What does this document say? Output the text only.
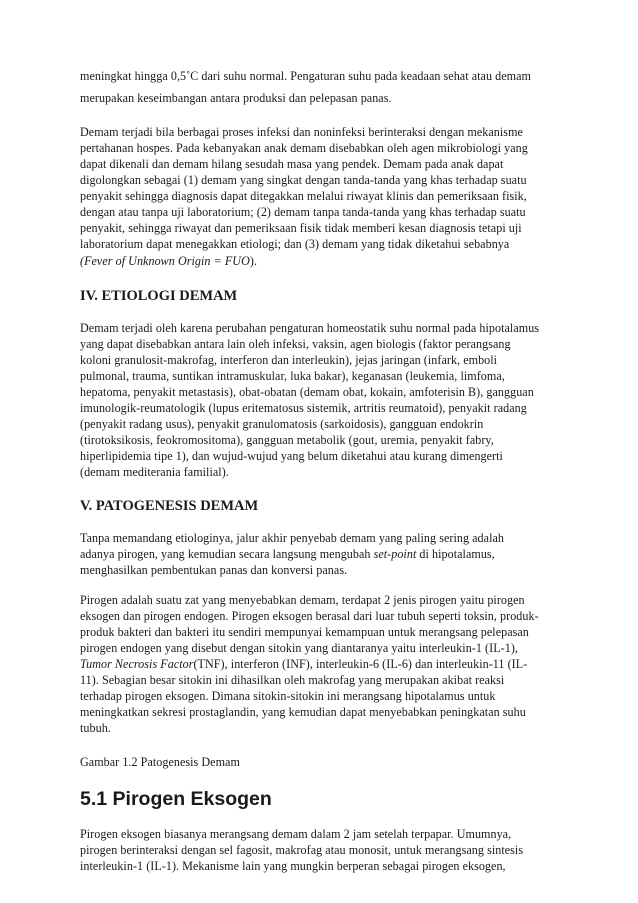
meningkat hingga 0,5˚C dari suhu normal. Pengaturan suhu pada keadaan sehat atau demam

merupakan keseimbangan antara produksi dan pelepasan panas.

Demam terjadi bila berbagai proses infeksi dan noninfeksi berinteraksi dengan mekanisme

pertahanan hospes. Pada kebanyakan anak demam disebabkan oleh agen mikrobiologi yang

dapat dikenali dan demam hilang sesudah masa yang pendek. Demam pada anak dapat

digolongkan sebagai (1) demam yang singkat dengan tanda-tanda yang khas terhadap suatu

penyakit sehingga diagnosis dapat ditegakkan melalui riwayat klinis dan pemeriksaan fisik,

dengan atau tanpa uji laboratorium; (2) demam tanpa tanda-tanda yang khas terhadap suatu

penyakit, sehingga riwayat dan pemeriksaan fisik tidak memberi kesan diagnosis tetapi uji

laboratorium dapat menegakkan etiologi; dan (3) demam yang tidak diketahui sebabnya

(Fever of Unknown Origin = FUO).

IV. ETIOLOGI DEMAM

Demam terjadi oleh karena perubahan pengaturan homeostatik suhu normal pada hipotalamus

yang dapat disebabkan antara lain oleh infeksi, vaksin, agen biologis (faktor perangsang

koloni granulosit-makrofag, interferon dan interleukin), jejas jaringan (infark, emboli

pulmonal, trauma, suntikan intramuskular, luka bakar), keganasan (leukemia, limfoma,

hepatoma, penyakit metastasis), obat-obatan (demam obat, kokain, amfoterisin B), gangguan

imunologik-reumatologik (lupus eritematosus sistemik, artritis reumatoid), penyakit radang

(penyakit radang usus), penyakit granulomatosis (sarkoidosis), gangguan endokrin

(tirotoksikosis, feokromositoma), gangguan metabolik (gout, uremia, penyakit fabry,

hiperlipidemia tipe 1), dan wujud-wujud yang belum diketahui atau kurang dimengerti

(demam mediterania familial).

V. PATOGENESIS DEMAM

Tanpa memandang etiologinya, jalur akhir penyebab demam yang paling sering adalah

adanya pirogen, yang kemudian secara langsung mengubah set-point di hipotalamus,

menghasilkan pembentukan panas dan konversi panas.

Pirogen adalah suatu zat yang menyebabkan demam, terdapat 2 jenis pirogen yaitu pirogen

eksogen dan pirogen endogen. Pirogen eksogen berasal dari luar tubuh seperti toksin, produk-

produk bakteri dan bakteri itu sendiri mempunyai kemampuan untuk merangsang pelepasan

pirogen endogen yang disebut dengan sitokin yang diantaranya yaitu interleukin-1 (IL-1),

Tumor Necrosis Factor(TNF), interferon (INF), interleukin-6 (IL-6) dan interleukin-11 (IL-

11). Sebagian besar sitokin ini dihasilkan oleh makrofag yang merupakan akibat reaksi

terhadap pirogen eksogen. Dimana sitokin-sitokin ini merangsang hipotalamus untuk

meningkatkan sekresi prostaglandin, yang kemudian dapat menyebabkan peningkatan suhu

tubuh.

Gambar 1.2 Patogenesis Demam

5.1 Pirogen Eksogen

Pirogen eksogen biasanya merangsang demam dalam 2 jam setelah terpapar. Umumnya,

pirogen berinteraksi dengan sel fagosit, makrofag atau monosit, untuk merangsang sintesis

interleukin-1 (IL-1). Mekanisme lain yang mungkin berperan sebagai pirogen eksogen,
